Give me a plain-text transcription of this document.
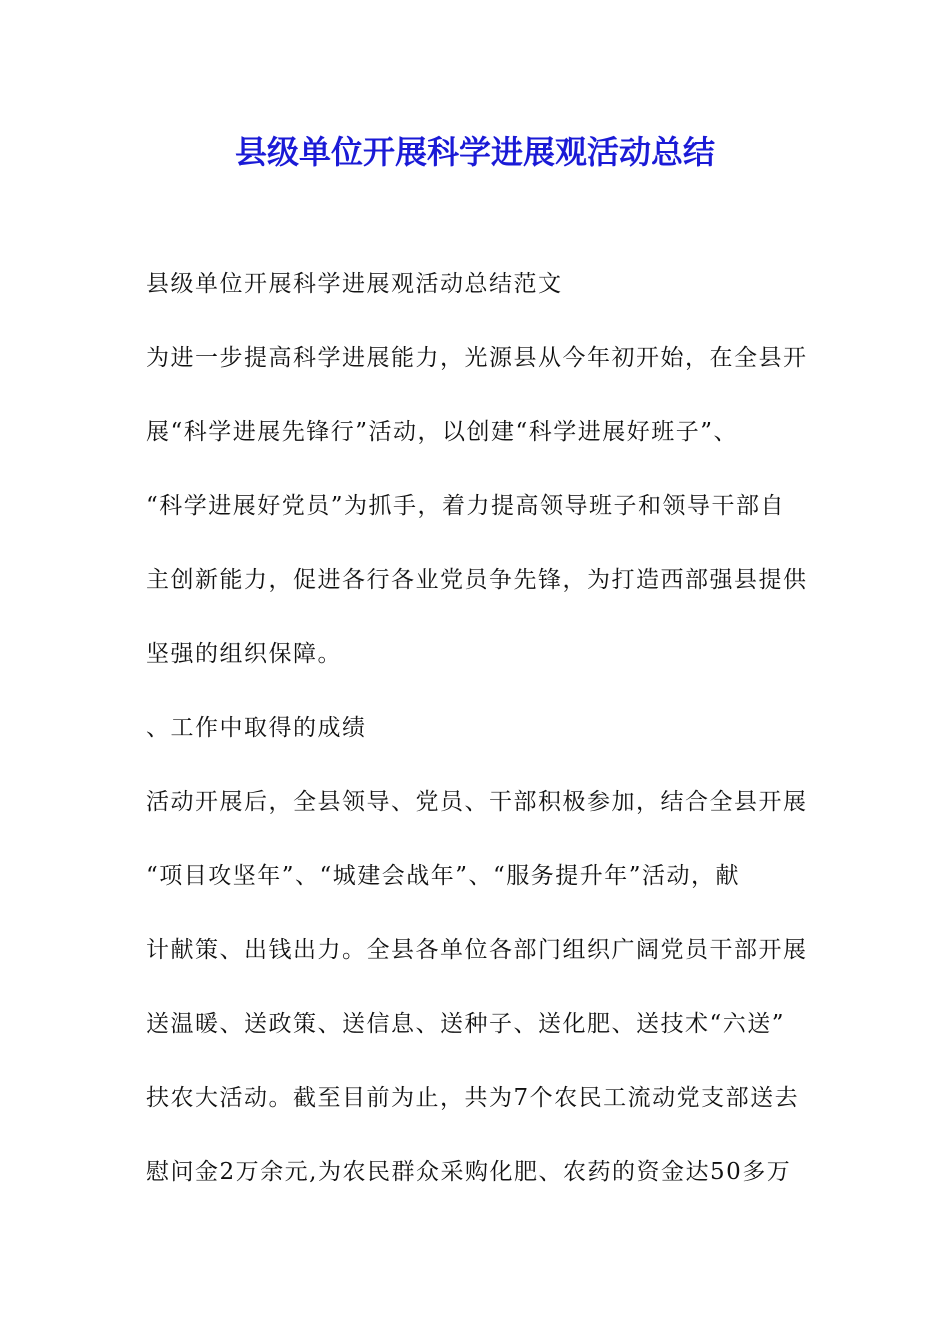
县级单位开展科学进展观活动总结

县级单位开展科学进展观活动总结范文

为进一步提高科学进展能力，光源县从今年初开始，在全县开

展“科学进展先锋行”活动，以创建“科学进展好班子”、

“科学进展好党员”为抓手，着力提高领导班子和领导干部自

主创新能力，促进各行各业党员争先锋，为打造西部强县提供

坚强的组织保障。

、工作中取得的成绩

活动开展后，全县领导、党员、干部积极参加，结合全县开展

“项目攻坚年”、“城建会战年”、“服务提升年”活动，献

计献策、出钱出力。全县各单位各部门组织广阔党员干部开展

送温暖、送政策、送信息、送种子、送化肥、送技术“六送”

扶农大活动。截至目前为止，共为7个农民工流动党支部送去

慰问金2万余元,为农民群众采购化肥、农药的资金达50多万
